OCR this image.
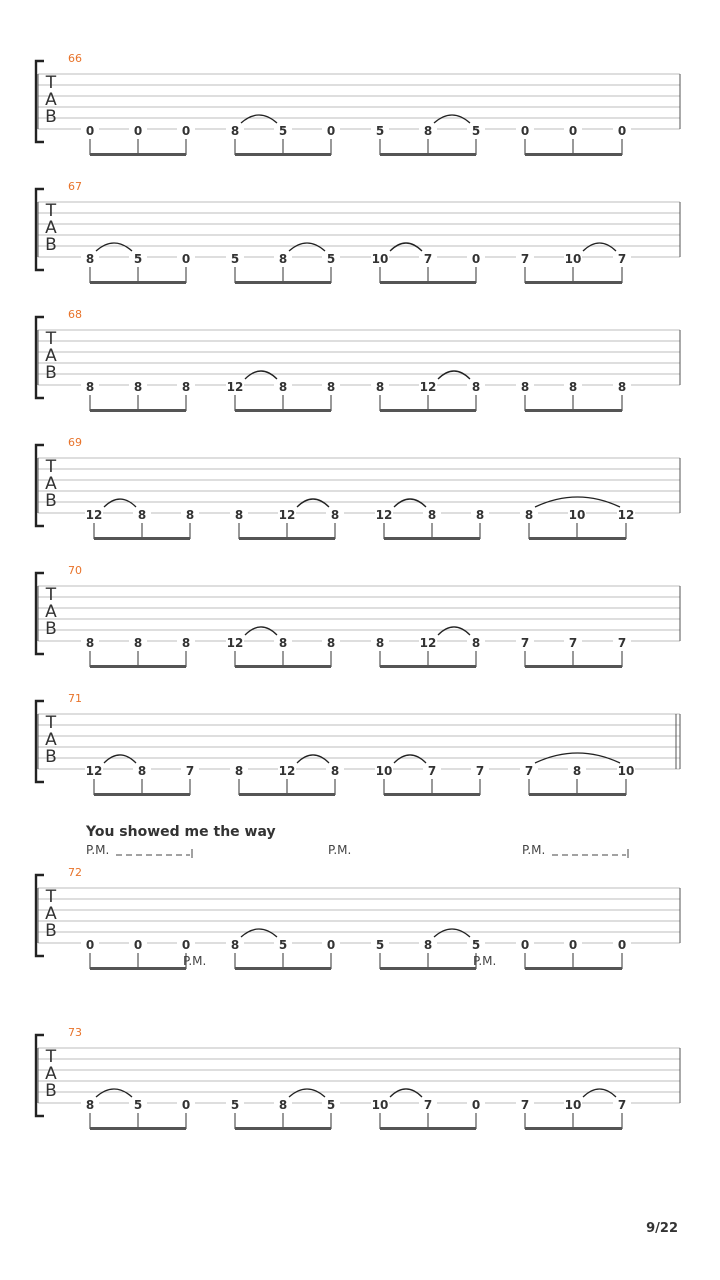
66
T
A
B
0	0	0	8	5	0	5	8	5	0	0	0
67
T
A
B
8	5	0	5	8	5	10	7	0	7	10	7
68
T
A
B
8	8	8	12	8	8	8	12	8	8	8	8
69
T
A
B
12	8	8	8	12	8	12	8	8	8	10	12
70
T
A
B
8	8	8	12	8	8	8	12	8	7	7	7
71
T
A
B
12	8	7	8	12	8	10	7	7	7	8	10
72
T
A
B
0	0	0	8	5	0	5	8	5	0	0	0
You showed me the way
P.M.	P.M.	P.M.
73
T
A
B
8	5	0	5	8	5	10	7	0	7	10	7
P.M.	P.M.
9/22
